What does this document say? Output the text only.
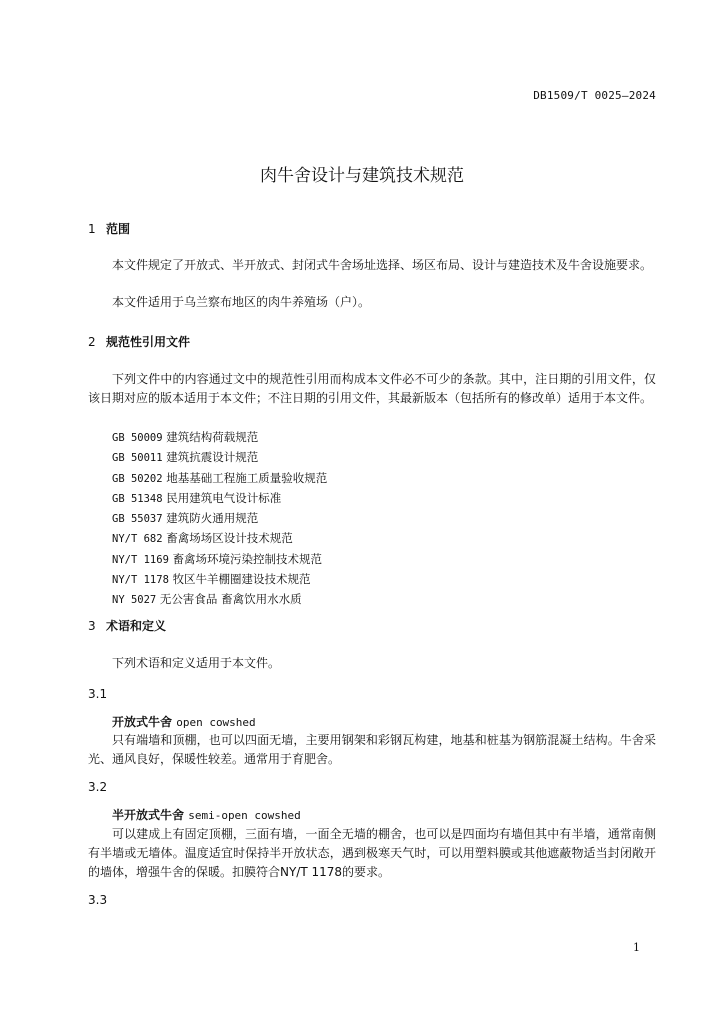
DB1509/T 0025—2024
肉牛舍设计与建筑技术规范
1 范围
本文件规定了开放式、半开放式、封闭式牛舍场址选择、场区布局、设计与建造技术及牛舍设施要求。
本文件适用于乌兰察布地区的肉牛养殖场（户）。
2 规范性引用文件
下列文件中的内容通过文中的规范性引用而构成本文件必不可少的条款。其中，注日期的引用文件，仅该日期对应的版本适用于本文件；不注日期的引用文件，其最新版本（包括所有的修改单）适用于本文件。
GB 50009 建筑结构荷载规范
GB 50011 建筑抗震设计规范
GB 50202 地基基础工程施工质量验收规范
GB 51348 民用建筑电气设计标准
GB 55037 建筑防火通用规范
NY/T 682 畜禽场场区设计技术规范
NY/T 1169 畜禽场环境污染控制技术规范
NY/T 1178 牧区牛羊棚圈建设技术规范
NY 5027 无公害食品 畜禽饮用水水质
3 术语和定义
下列术语和定义适用于本文件。
3.1
开放式牛舍 open cowshed
只有端墙和顶棚，也可以四面无墙，主要用钢架和彩钢瓦构建，地基和桩基为钢筋混凝土结构。牛舍采光、通风良好，保暖性较差。通常用于育肥舍。
3.2
半开放式牛舍 semi-open cowshed
可以建成上有固定顶棚，三面有墙，一面全无墙的棚舍，也可以是四面均有墙但其中有半墙，通常南侧有半墙或无墙体。温度适宜时保持半开放状态，遇到极寒天气时，可以用塑料膜或其他遮蔽物适当封闭敞开的墙体，增强牛舍的保暖。扣膜符合NY/T 1178的要求。
3.3
1
